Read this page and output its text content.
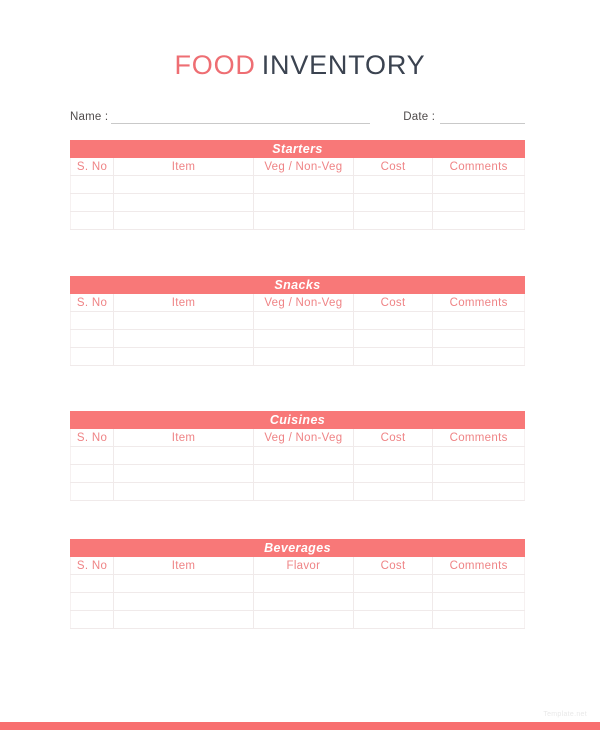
FOOD INVENTORY
Name :	Date :
Starters
S. No	Item	Veg / Non-Veg	Cost	Comments

Snacks
S. No	Item	Veg / Non-Veg	Cost	Comments

Cuisines
S. No	Item	Veg / Non-Veg	Cost	Comments

Beverages
S. No	Item	Flavor	Cost	Comments

Template.net
